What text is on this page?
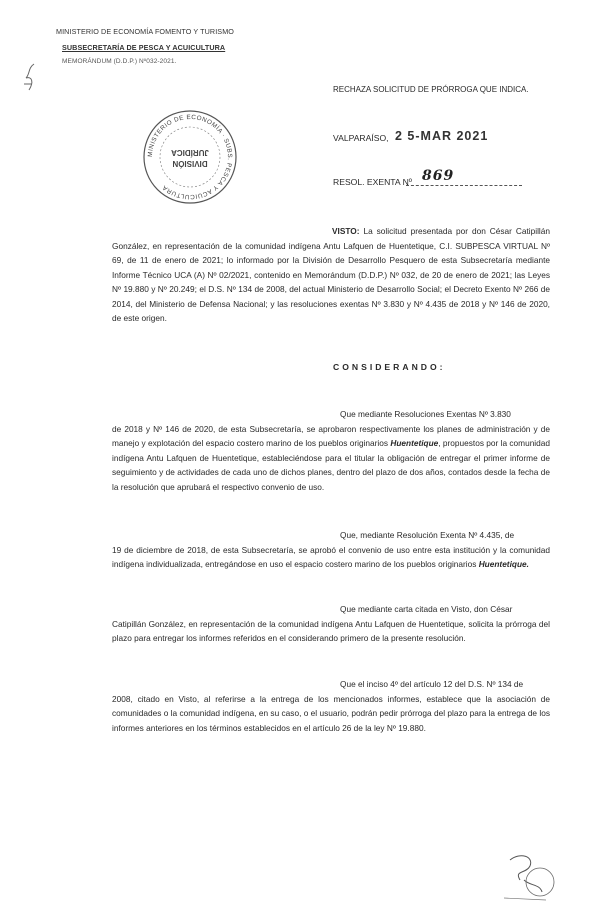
MINISTERIO DE ECONOMÍA FOMENTO Y TURISMO
SUBSECRETARÍA DE PESCA Y ACUICULTURA
MEMORÁNDUM (D.D.P.) Nº032-2021.
RECHAZA SOLICITUD DE PRÓRROGA QUE INDICA.
VALPARAÍSO, 2 5-MAR 2021
RESOL. EXENTA Nº 869
MINISTERIO DE ECONOMÍA · SUBS. PESCA Y ACUICULTURA
DIVISIÓN
JURÍDICA
VISTO: La solicitud presentada por don César Catipillán González, en representación de la comunidad indígena Antu Lafquen de Huentetique, C.I. SUBPESCA VIRTUAL Nº 69, de 11 de enero de 2021; lo informado por la División de Desarrollo Pesquero de esta Subsecretaría mediante Informe Técnico UCA (A) Nº 02/2021, contenido en Memorándum (D.D.P.) Nº 032, de 20 de enero de 2021; las Leyes Nº 19.880 y Nº 20.249; el D.S. Nº 134 de 2008, del actual Ministerio de Desarrollo Social; el Decreto Exento Nº 266 de 2014, del Ministerio de Defensa Nacional; y las resoluciones exentas Nº 3.830 y Nº 4.435 de 2018 y Nº 146 de 2020, de este origen.
CONSIDERANDO:
Que mediante Resoluciones Exentas Nº 3.830
de 2018 y Nº 146 de 2020, de esta Subsecretaría, se aprobaron respectivamente los planes de administración y de manejo y explotación del espacio costero marino de los pueblos originarios Huentetique, propuestos por la comunidad indígena Antu Lafquen de Huentetique, estableciéndose para el titular la obligación de entregar el primer informe de seguimiento y de actividades de cada uno de dichos planes, dentro del plazo de dos años, contados desde la fecha de la resolución que aprubará el respectivo convenio de uso.
Que, mediante Resolución Exenta Nº 4.435, de
19 de diciembre de 2018, de esta Subsecretaría, se aprobó el convenio de uso entre esta institución y la comunidad indígena individualizada, entregándose en uso el espacio costero marino de los pueblos originarios Huentetique.
Que mediante carta citada en Visto, don César
Catipillán González, en representación de la comunidad indígena Antu Lafquen de Huentetique, solicita la prórroga del plazo para entregar los informes referidos en el considerando primero de la presente resolución.
Que el inciso 4º del artículo 12 del D.S. Nº 134 de
2008, citado en Visto, al referirse a la entrega de los mencionados informes, establece que la asociación de comunidades o la comunidad indígena, en su caso, o el usuario, podrán pedir prórroga del plazo para la entrega de los informes anteriores en los términos establecidos en el artículo 26 de la ley Nº 19.880.
